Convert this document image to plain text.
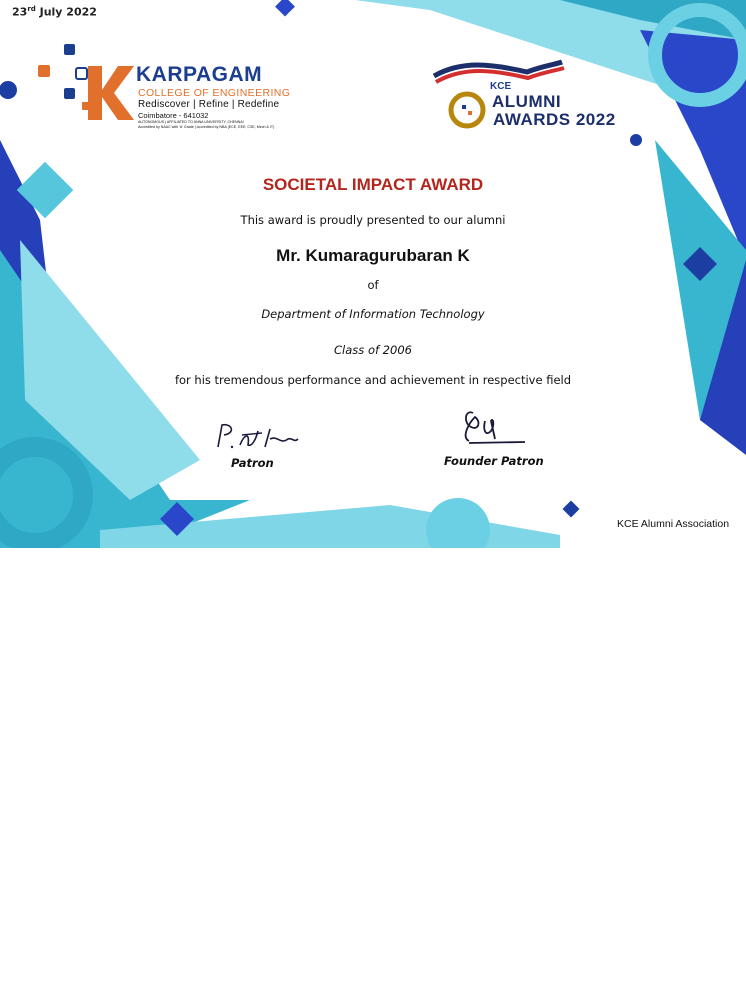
23rd July 2022
KARPAGAM
COLLEGE OF ENGINEERING
Rediscover | Refine | Redefine
Coimbatore - 641032
AUTONOMOUS | AFFILIATED TO ANNA UNIVERSITY, CHENNAI
Accredited by NAAC with 'A' Grade | Accredited by NBA (ECE, EEE, CSE, Mech & IT)
KCE
ALUMNI
AWARDS 2022
SOCIETAL IMPACT AWARD
This award is proudly presented to our alumni
Mr. Kumaragurubaran K
of
Department of Information Technology
Class of 2006
for his tremendous performance and achievement in respective field
Patron	Founder Patron
KCE Alumni Association
